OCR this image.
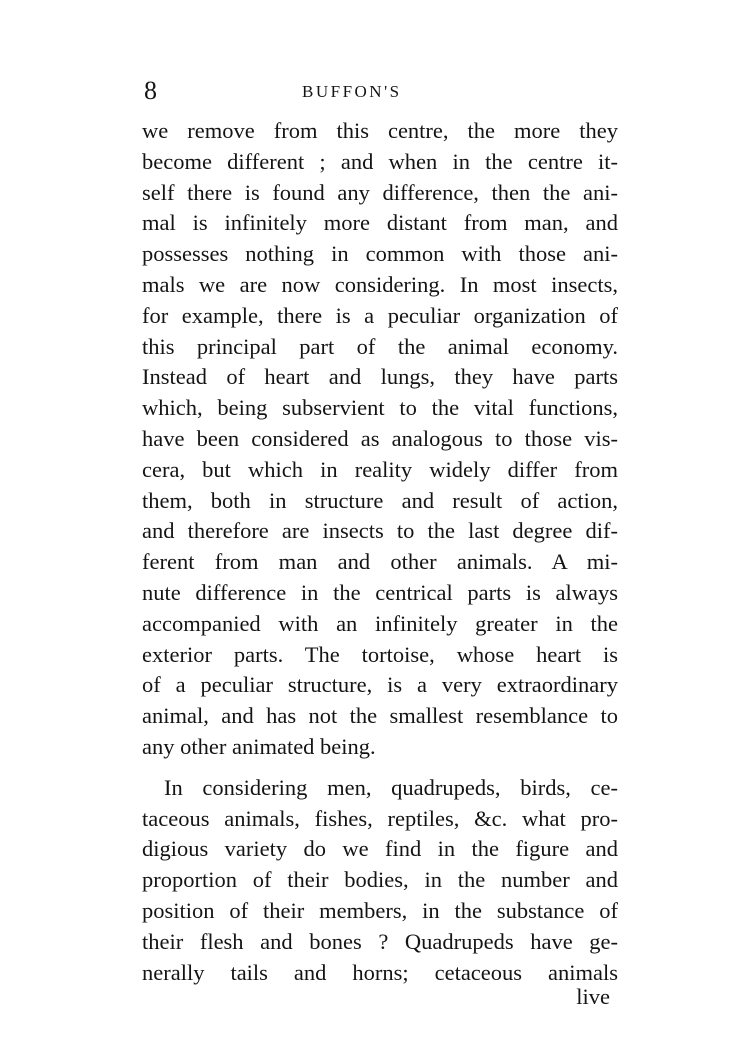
8	BUFFON'S
we remove from this centre, the more they
become different ; and when in the centre it-
self there is found any difference, then the ani-
mal is infinitely more distant from man, and
possesses nothing in common with those ani-
mals we are now considering. In most insects,
for example, there is a peculiar organization of
this principal part of the animal economy.
Instead of heart and lungs, they have parts
which, being subservient to the vital functions,
have been considered as analogous to those vis-
cera, but which in reality widely differ from
them, both in structure and result of action,
and therefore are insects to the last degree dif-
ferent from man and other animals. A mi-
nute difference in the centrical parts is always
accompanied with an infinitely greater in the
exterior parts. The tortoise, whose heart is
of a peculiar structure, is a very extraordinary
animal, and has not the smallest resemblance to
any other animated being.
In considering men, quadrupeds, birds, ce-
taceous animals, fishes, reptiles, &c. what pro-
digious variety do we find in the figure and
proportion of their bodies, in the number and
position of their members, in the substance of
their flesh and bones ? Quadrupeds have ge-
nerally tails and horns; cetaceous animals
live
